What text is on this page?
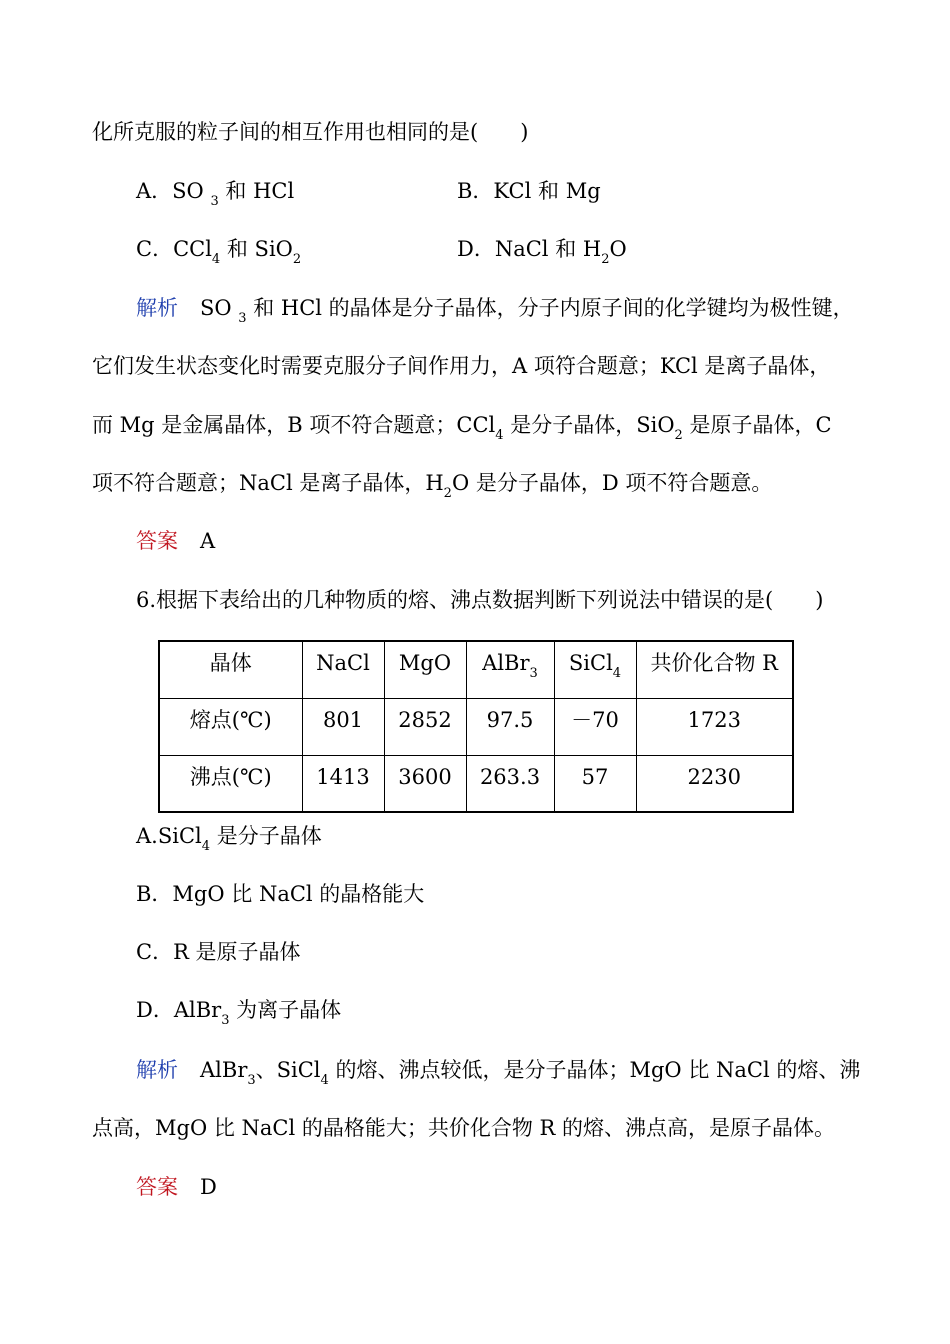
化所克服的粒子间的相互作用也相同的是(　　)
A．SO $_3$ 和 HCl	B．KCl 和 Mg
C．CCl$_4$ 和 SiO$_2$	D．NaCl 和 $H_2O$
解析 SO $_3$ 和 HCl 的晶体是分子晶体，分子内原子间的化学键均为极性键，
它们发生状态变化时需要克服分子间作用力，A 项符合题意；KCl 是离子晶体，
而 Mg 是金属晶体，B 项不符合题意；CCl$_4$ 是分子晶体，SiO$_2$ 是原子晶体，C
项不符合题意；NaCl 是离子晶体，$H_2O$ 是分子晶体，D 项不符合题意。
答案 A
6.根据下表给出的几种物质的熔、沸点数据判断下列说法中错误的是(　　)
晶体	NaCl	MgO	AlBr$_3$	SiCl$_4$	共价化合物 R
熔点(℃)	801	2852	97.5	－70	1723
沸点(℃)	1413	3600	263.3	57	2230
A.SiCl$_4$ 是分子晶体
B．MgO 比 NaCl 的晶格能大
C．R 是原子晶体
D．AlBr$_3$ 为离子晶体
解析 AlBr$_3$、SiCl$_4$ 的熔、沸点较低，是分子晶体；MgO 比 NaCl 的熔、沸
点高，MgO 比 NaCl 的晶格能大；共价化合物 R 的熔、沸点高，是原子晶体。
答案 D
